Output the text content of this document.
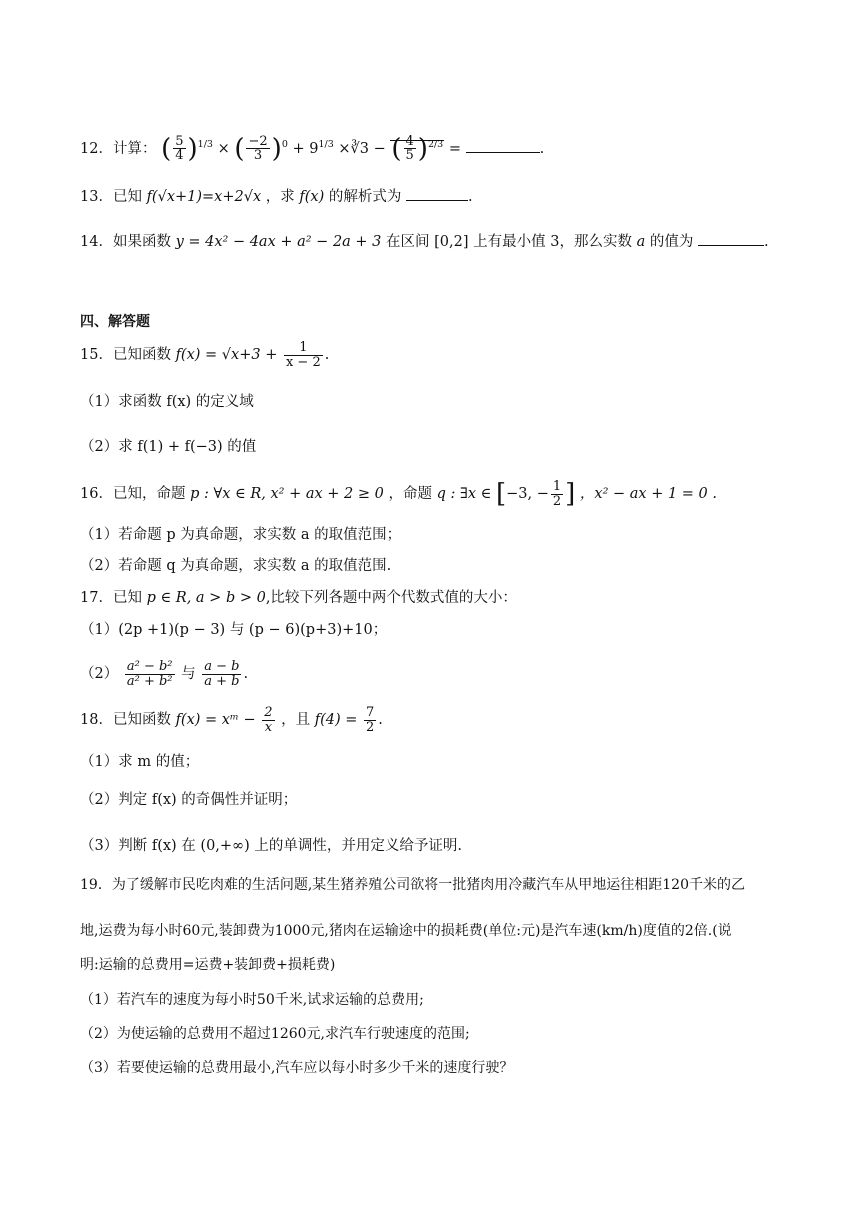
12．计算： ( $\frac{5}{4} )^{1/3}$ × ( $\frac{-2}{3} )^0 + 9^{1/3}$ ×∛3 − ( $\frac{4}{5} )^{2/3}$ =	.
13．已知 f(√x+1)=x+2√x ，求 f(x) 的解析式为	.
14．如果函数 y = 4x² − 4ax + a² − 2a + 3 在区间 [0,2] 上有最小值 3，那么实数 a 的值为	.
四、解答题
15．已知函数 $f(x) = √x+3 + \frac{1}{x - 2}$ .
（1）求函数 f(x) 的定义域
（2）求 f(1) + f(−3) 的值
16．已知，命题 p : ∀x ∈ R, x² + ax + 2 ≥ 0 ，命题 q : ∃x ∈ [−3, − $\frac{1}{2}$ ] ，x² − ax + 1 = 0 .
（1）若命题 p 为真命题，求实数 a 的取值范围；
（2）若命题 q 为真命题，求实数 a 的取值范围.
17．已知 p ∈ R, a > b > 0,比较下列各题中两个代数式值的大小：
（1）(2p +1)(p − 3) 与 (p − 6)(p+3)+10；
$(2) \frac{\text{a² − b²}}{\text{a² + b²}}$ 与 $\frac{a - b}{a + b}$ .
18．已知函数 f(x) = xᵐ − $\frac{2}{x}$ ，且 $f(4) = \frac{7}{2}$ .
（1）求 m 的值；
（2）判定 f(x) 的奇偶性并证明；
（3）判断 f(x) 在 (0,+∞) 上的单调性，并用定义给予证明.
19．为了缓解市民吃肉难的生活问题,某生猪养殖公司欲将一批猪肉用冷藏汽车从甲地运往相距120千米的乙
地,运费为每小时60元,装卸费为1000元,猪肉在运输途中的损耗费(单位:元)是汽车速(km/h)度值的2倍.(说
明:运输的总费用=运费+装卸费+损耗费)
（1）若汽车的速度为每小时50千米,试求运输的总费用;
（2）为使运输的总费用不超过1260元,求汽车行驶速度的范围;
（3）若要使运输的总费用最小,汽车应以每小时多少千米的速度行驶？
